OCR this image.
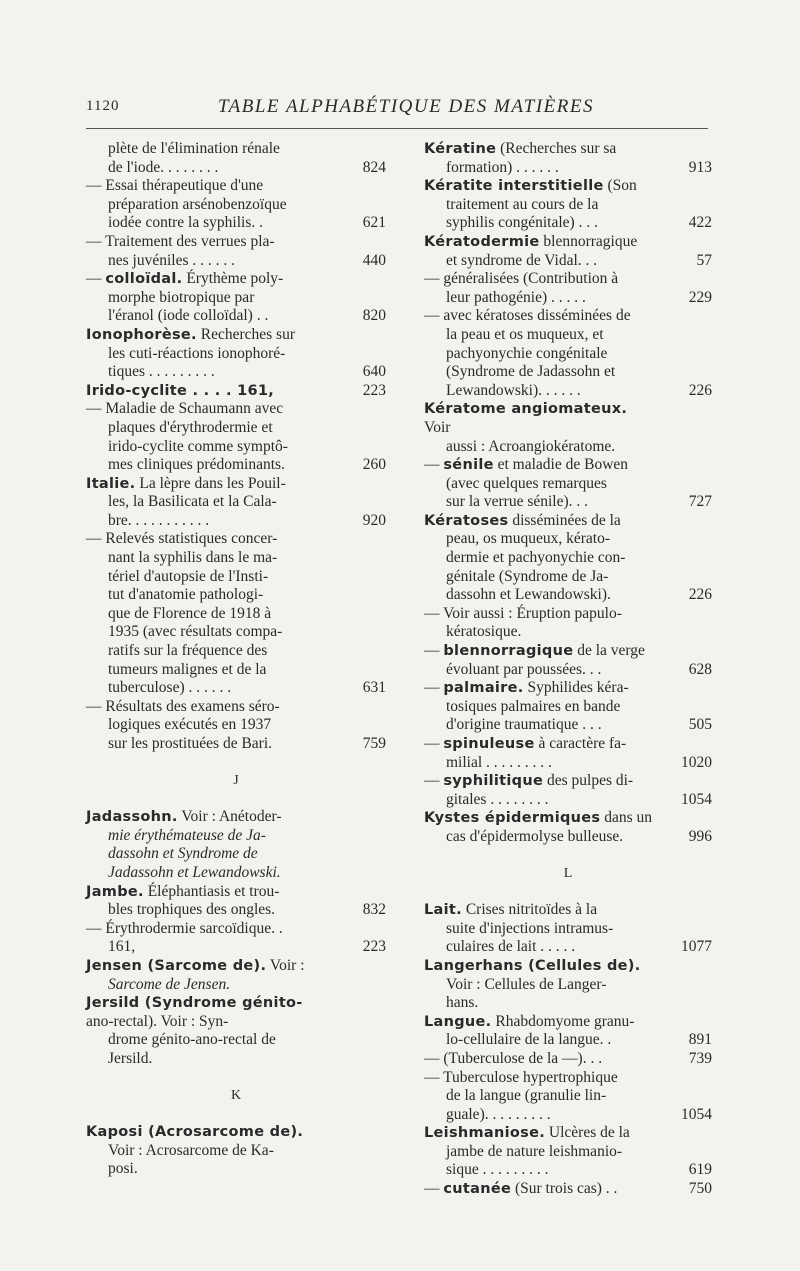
1120	TABLE ALPHABÉTIQUE DES MATIÈRES
plète de l'élimination rénale
de l'iode. . . . . . . .	824
— Essai thérapeutique d'une
préparation arsénobenzoïque
iodée contre la syphilis. .	621
— Traitement des verrues pla-
nes juvéniles . . . . . .	440
— colloïdal. Érythème poly-
morphe biotropique par
l'éranol (iode colloïdal) . .	820
Ionophorèse. Recherches sur
les cuti-réactions ionophoré-
tiques . . . . . . . . .	640
Irido-cyclite . . . . 161,	223
— Maladie de Schaumann avec
plaques d'érythrodermie et
irido-cyclite comme symptô-
mes cliniques prédominants.	260
Italie. La lèpre dans les Pouil-
les, la Basilicata et la Cala-
bre. . . . . . . . . . .	920
— Relevés statistiques concer-
nant la syphilis dans le ma-
tériel d'autopsie de l'Insti-
tut d'anatomie pathologi-
que de Florence de 1918 à
1935 (avec résultats compa-
ratifs sur la fréquence des
tumeurs malignes et de la
tuberculose) . . . . . .	631
— Résultats des examens séro-
logiques exécutés en 1937
sur les prostituées de Bari.	759
J
Jadassohn. Voir : Anétoder-
mie érythémateuse de Ja-
dassohn et Syndrome de
Jadassohn et Lewandowski.
Jambe. Éléphantiasis et trou-
bles trophiques des ongles.	832
— Érythrodermie sarcoïdique. .
161,	223
Jensen (Sarcome de). Voir :
Sarcome de Jensen.
Jersild (Syndrome génito- ano-rectal). Voir : Syn-
drome génito-ano-rectal de
Jersild.
K
Kaposi (Acrosarcome de).
Voir : Acrosarcome de Ka-
posi.
Kératine (Recherches sur sa
formation) . . . . . .	913
Kératite interstitielle (Son
traitement au cours de la
syphilis congénitale) . . .	422
Kératodermie blennorragique
et syndrome de Vidal. . .	57
— généralisées (Contribution à
leur pathogénie) . . . . .	229
— avec kératoses disséminées de
la peau et os muqueux, et
pachyonychie congénitale
(Syndrome de Jadassohn et
Lewandowski). . . . . .	226
Kératome angiomateux. Voir
aussi : Acroangiokératome.
— sénile et maladie de Bowen
(avec quelques remarques
sur la verrue sénile). . .	727
Kératoses disséminées de la
peau, os muqueux, kérato-
dermie et pachyonychie con-
génitale (Syndrome de Ja-
dassohn et Lewandowski).	226
— Voir aussi : Éruption papulo-
kératosique.
— blennorragique de la verge
évoluant par poussées. . .	628
— palmaire. Syphilides kéra-
tosiques palmaires en bande
d'origine traumatique . . .	505
— spinuleuse à caractère fa-
milial . . . . . . . . .	1020
— syphilitique des pulpes di-
gitales . . . . . . . .	1054
Kystes épidermiques dans un
cas d'épidermolyse bulleuse.	996
L
Lait. Crises nitritoïdes à la
suite d'injections intramus-
culaires de lait . . . . .	1077
Langerhans (Cellules de).
Voir : Cellules de Langer-
hans.
Langue. Rhabdomyome granu-
lo-cellulaire de la langue. .	891
— (Tuberculose de la —). . .	739
— Tuberculose hypertrophique
de la langue (granulie lin-
guale). . . . . . . . .	1054
Leishmaniose. Ulcères de la
jambe de nature leishmanio-
sique . . . . . . . . .	619
— cutanée (Sur trois cas) . .	750
